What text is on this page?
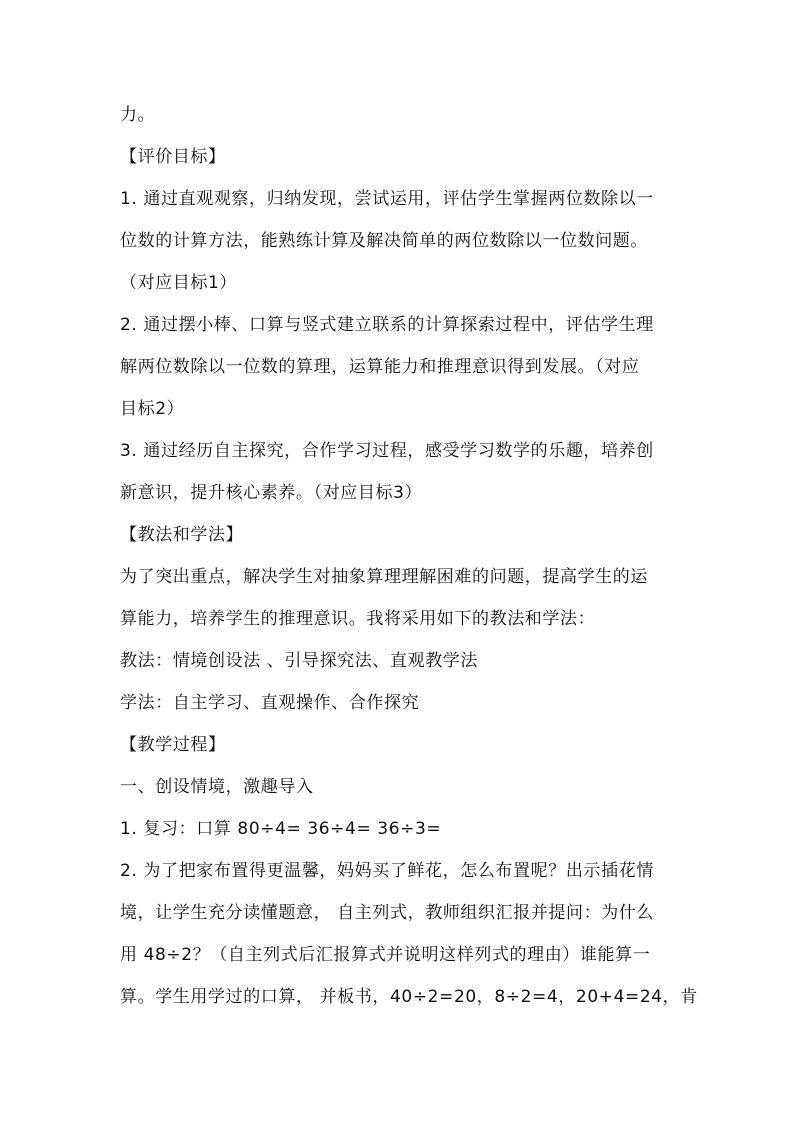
力。
【评价目标】
1. 通过直观观察，归纳发现，尝试运用，评估学生掌握两位数除以一
位数的计算方法，能熟练计算及解决简单的两位数除以一位数问题。
（对应目标1）
2. 通过摆小棒、口算与竖式建立联系的计算探索过程中，评估学生理
解两位数除以一位数的算理，运算能力和推理意识得到发展。（对应
目标2）
3. 通过经历自主探究，合作学习过程，感受学习数学的乐趣，培养创
新意识，提升核心素养。（对应目标3）
【教法和学法】
为了突出重点，解决学生对抽象算理理解困难的问题，提高学生的运
算能力，培养学生的推理意识。我将采用如下的教法和学法：
教法：情境创设法 、引导探究法、直观教学法
学法：自主学习、直观操作、合作探究
【教学过程】
一、创设情境，激趣导入
1. 复习：口算 80÷4= 36÷4= 36÷3=
2. 为了把家布置得更温馨，妈妈买了鲜花，怎么布置呢？出示插花情
境，让学生充分读懂题意， 自主列式，教师组织汇报并提问：为什么
用 48÷2？（自主列式后汇报算式并说明这样列式的理由）谁能算一
算。学生用学过的口算， 并板书，40÷2=20，8÷2=4，20+4=24，肯
